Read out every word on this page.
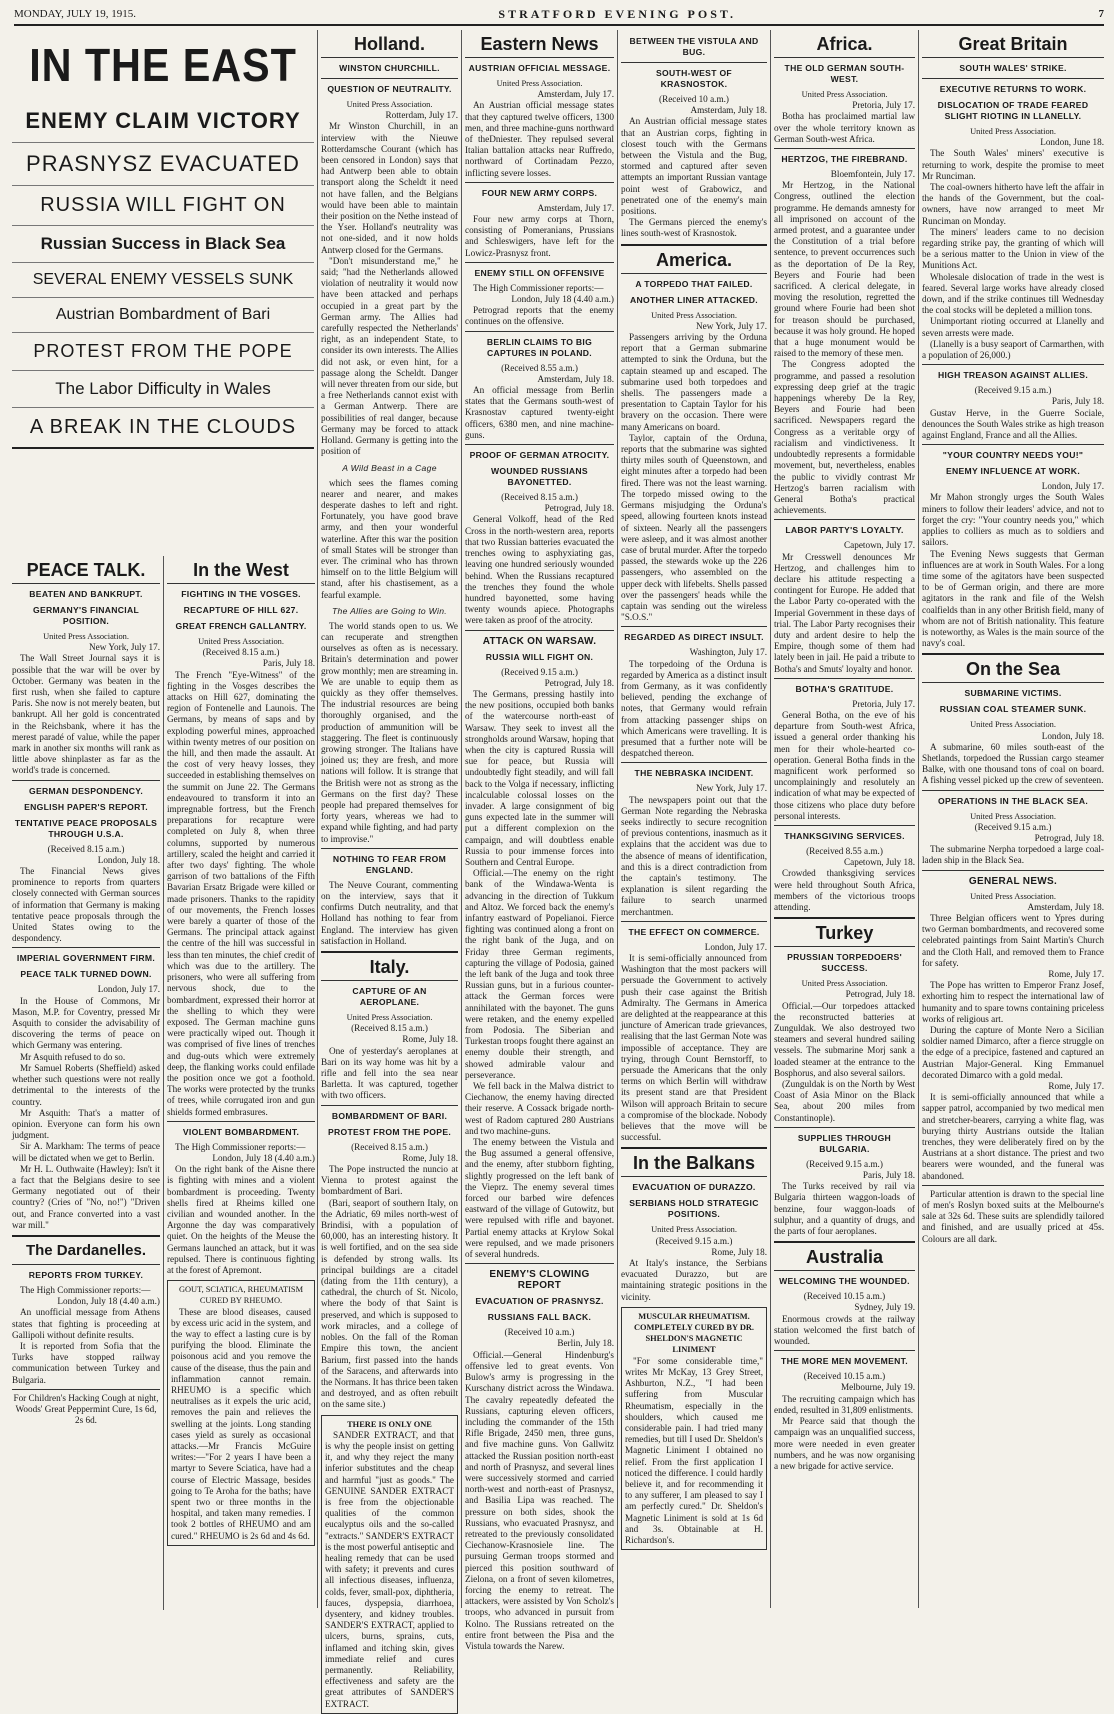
MONDAY, JULY 19, 1915.	STRATFORD EVENING POST.	7
IN THE EAST
ENEMY CLAIM VICTORY
PRASNYSZ EVACUATED
RUSSIA WILL FIGHT ON
Russian Success in Black Sea
SEVERAL ENEMY VESSELS SUNK
Austrian Bombardment of Bari
PROTEST FROM THE POPE
The Labor Difficulty in Wales
A BREAK IN THE CLOUDS
PEACE TALK.
BEATEN AND BANKRUPT.
GERMANY'S FINANCIAL POSITION.

United Press Association.

New York, July 17.

The Wall Street Journal says it is possible that the war will be over by October. Germany was beaten in the first rush, when she failed to capture Paris. She now is not merely beaten, but bankrupt. All her gold is concentrated in the Reichsbank, where it has the merest paradé of value, while the paper mark in another six months will rank as little above shinplaster as far as the world's trade is concerned.

GERMAN DESPONDENCY.
ENGLISH PAPER'S REPORT.
TENTATIVE PEACE PROPOSALS THROUGH U.S.A.

(Received 8.15 a.m.)

London, July 18.

The Financial News gives prominence to reports from quarters closely connected with German sources of information that Germany is making tentative peace proposals through the United States owing to the despondency.

IMPERIAL GOVERNMENT FIRM.
PEACE TALK TURNED DOWN.

London, July 17.

In the House of Commons, Mr Mason, M.P. for Coventry, pressed Mr Asquith to consider the advisability of discovering the terms of peace on which Germany was entering.

Mr Asquith refused to do so.

Mr Samuel Roberts (Sheffield) asked whether such questions were not really detrimental to the interests of the country.

Mr Asquith: That's a matter of opinion. Everyone can form his own judgment.

Sir A. Markham: The terms of peace will be dictated when we get to Berlin.

Mr H. L. Outhwaite (Hawley): Isn't it a fact that the Belgians desire to see Germany negotiated out of their country? (Cries of "No, no!") "Driven out, and France converted into a vast war mill."

The Dardanelles.
REPORTS FROM TURKEY.

The High Commissioner reports:—

London, July 18 (4.40 a.m.)

An unofficial message from Athens states that fighting is proceeding at Gallipoli without definite results.

It is reported from Sofia that the Turks have stopped railway communication between Turkey and Bulgaria.

For Children's Hacking Cough at night, Woods' Great Peppermint Cure, 1s 6d, 2s 6d.

In the West
FIGHTING IN THE VOSGES.
RECAPTURE OF HILL 627.
GREAT FRENCH GALLANTRY.

United Press Association.

(Received 8.15 a.m.)

Paris, July 18.

The French "Eye-Witness" of the fighting in the Vosges describes the attacks on Hill 627, dominating the region of Fontenelle and Launois. The Germans, by means of saps and by exploding powerful mines, approached within twenty metres of our position on the hill, and then made the assault. At the cost of very heavy losses, they succeeded in establishing themselves on the summit on June 22. The Germans endeavoured to transform it into an impregnable fortress, but the French preparations for recapture were completed on July 8, when three columns, supported by numerous artillery, scaled the height and carried it after two days' fighting. The whole garrison of two battalions of the Fifth Bavarian Ersatz Brigade were killed or made prisoners. Thanks to the rapidity of our movements, the French losses were barely a quarter of those of the Germans. The principal attack against the centre of the hill was successful in less than ten minutes, the chief credit of which was due to the artillery. The prisoners, who were all suffering from nervous shock, due to the bombardment, expressed their horror at the shelling to which they were exposed. The German machine guns were practically wiped out. Though it was comprised of five lines of trenches and dug-outs which were extremely deep, the flanking works could enfilade the position once we got a foothold. The works were protected by the trunks of trees, while corrugated iron and gun shields formed embrasures.

VIOLENT BOMBARDMENT.

The High Commissioner reports:—

London, July 18 (4.40 a.m.)

On the right bank of the Aisne there is fighting with mines and a violent bombardment is proceeding. Twenty shells fired at Rheims killed one civilian and wounded another. In the Argonne the day was comparatively quiet. On the heights of the Meuse the Germans launched an attack, but it was repulsed. There is continuous fighting at the forest of Apremont.

GOUT, SCIATICA, RHEUMATISM CURED BY RHEUMO.

These are blood diseases, caused by excess uric acid in the system, and the way to effect a lasting cure is by purifying the blood. Eliminate the poisonous acid and you remove the cause of the disease, thus the pain and inflammation cannot remain. RHEUMO is a specific which neutralises as it expels the uric acid, removes the pain and relieves the swelling at the joints. Long standing cases yield as surely as occasional attacks.—Mr Francis McGuire writes:—"For 2 years I have been a martyr to Severe Sciatica, have had a course of Electric Massage, besides going to Te Aroha for the baths; have spent two or three months in the hospital, and taken many remedies. I took 2 bottles of RHEUMO and am cured." RHEUMO is 2s 6d and 4s 6d.

Holland.
WINSTON CHURCHILL.
QUESTION OF NEUTRALITY.

United Press Association.

Rotterdam, July 17.

Mr Winston Churchill, in an interview with the Nieuwe Rotterdamsche Courant (which has been censored in London) says that had Antwerp been able to obtain transport along the Scheldt it need not have fallen, and the Belgians would have been able to maintain their position on the Nethe instead of the Yser. Holland's neutrality was not one-sided, and it now holds Antwerp closed for the Germans.

"Don't misunderstand me," he said; "had the Netherlands allowed violation of neutrality it would now have been attacked and perhaps occupied in a great part by the German army. The Allies had carefully respected the Netherlands' right, as an independent State, to consider its own interests. The Allies did not ask, or even hint, for a passage along the Scheldt. Danger will never threaten from our side, but a free Netherlands cannot exist with a German Antwerp. There are possibilities of real danger, because Germany may be forced to attack Holland. Germany is getting into the position of

A Wild Beast in a Cage

which sees the flames coming nearer and nearer, and makes desperate dashes to left and right. Fortunately, you have good brave army, and then your wonderful waterline. After this war the position of small States will be stronger than ever. The criminal who has thrown himself on to the little Belgium will stand, after his chastisement, as a fearful example.

The Allies are Going to Win.

The world stands open to us. We can recuperate and strengthen ourselves as often as is necessary. Britain's determination and power grow monthly; men are streaming in. We are unable to equip them as quickly as they offer themselves. The industrial resources are being thoroughly organised, and the production of ammunition will be staggering. The fleet is continuously growing stronger. The Italians have joined us; they are fresh, and more nations will follow. It is strange that the British were not as strong as the Germans on the first day? These people had prepared themselves for forty years, whereas we had to expand while fighting, and had party to improvise."

NOTHING TO FEAR FROM ENGLAND.

The Neuve Courant, commenting on the interview, says that it confirms Dutch neutrality, and that Holland has nothing to fear from England. The interview has given satisfaction in Holland.

Italy.
CAPTURE OF AN AEROPLANE.

United Press Association.

(Received 8.15 a.m.)

Rome, July 18.

One of yesterday's aeroplanes at Bari on its way home was hit by a rifle and fell into the sea near Barletta. It was captured, together with two officers.

BOMBARDMENT OF BARI.
PROTEST FROM THE POPE.

(Received 8.15 a.m.)

Rome, July 18.

The Pope instructed the nuncio at Vienna to protest against the bombardment of Bari.

(Bari, seaport of southern Italy, on the Adriatic, 69 miles north-west of Brindisi, with a population of 60,000, has an interesting history. It is well fortified, and on the sea side is defended by strong walls. Its principal buildings are a citadel (dating from the 11th century), a cathedral, the church of St. Nicolo, where the body of that Saint is preserved, and which is supposed to work miracles, and a college of nobles. On the fall of the Roman Empire this town, the ancient Barium, first passed into the hands of the Saracens, and afterwards into the Normans. It has thrice been taken and destroyed, and as often rebuilt on the same site.)

THERE IS ONLY ONE

SANDER EXTRACT, and that is why the people insist on getting it, and why they reject the many inferior substitutes and the cheap and harmful "just as goods." The GENUINE SANDER EXTRACT is free from the objectionable qualities of the common eucalyptus oils and the so-called "extracts." SANDER'S EXTRACT is the most powerful antiseptic and healing remedy that can be used with safety; it prevents and cures all infectious diseases, influenza, colds, fever, small-pox, diphtheria, fauces, dyspepsia, diarrhoea, dysentery, and kidney troubles. SANDER'S EXTRACT, applied to ulcers, burns, sprains, cuts, inflamed and itching skin, gives immediate relief and cures permanently. Reliability, effectiveness and safety are the great attributes of SANDER'S EXTRACT.

Eastern News
AUSTRIAN OFFICIAL MESSAGE.

United Press Association.

Amsterdam, July 17.

An Austrian official message states that they captured twelve officers, 1300 men, and three machine-guns northward of theDniester. They repulsed several Italian battalion attacks near Ruffredo, northward of Cortinadam Pezzo, inflicting severe losses.

FOUR NEW ARMY CORPS.

Amsterdam, July 17.

Four new army corps at Thorn, consisting of Pomeranians, Prussians and Schleswigers, have left for the Lowicz-Prasnysz front.

ENEMY STILL ON OFFENSIVE

The High Commissioner reports:—

London, July 18 (4.40 a.m.)

Petrograd reports that the enemy continues on the offensive.

BERLIN CLAIMS TO BIG CAPTURES IN POLAND.

(Received 8.55 a.m.)

Amsterdam, July 18.

An official message from Berlin states that the Germans south-west of Krasnostav captured twenty-eight officers, 6380 men, and nine machine-guns.

PROOF OF GERMAN ATROCITY.
WOUNDED RUSSIANS BAYONETTED.

(Received 8.15 a.m.)

Petrograd, July 18.

General Volkoff, head of the Red Cross in the north-western area, reports that two Russian batteries evacuated the trenches owing to asphyxiating gas, leaving one hundred seriously wounded behind. When the Russians recaptured the trenches they found the whole hundred bayonetted, some having twenty wounds apiece. Photographs were taken as proof of the atrocity.

ATTACK ON WARSAW.
RUSSIA WILL FIGHT ON.

(Received 9.15 a.m.)

Petrograd, July 18.

The Germans, pressing hastily into the new positions, occupied both banks of the watercourse north-east of Warsaw. They seek to invest all the strongholds around Warsaw, hoping that when the city is captured Russia will sue for peace, but Russia will undoubtedly fight steadily, and will fall back to the Volga if necessary, inflicting incalculable colossal losses on the invader. A large consignment of big guns expected late in the summer will put a different complexion on the campaign, and will doubtless enable Russia to pour immense forces into Southern and Central Europe.

Official.—The enemy on the right bank of the Windawa-Wenta is advancing in the direction of Tukkum and Altoz. We forced back the enemy's infantry eastward of Popelianoi. Fierce fighting was continued along a front on the right bank of the Juga, and on Friday three German regiments, capturing the village of Podosia, gained the left bank of the Juga and took three Russian guns, but in a furious counter-attack the German forces were annihilated with the bayonet. The guns were retaken, and the enemy expelled from Podosia. The Siberian and Turkestan troops fought there against an enemy double their strength, and showed admirable valour and perseverance.

We fell back in the Malwa district to Ciechanow, the enemy having directed their reserve. A Cossack brigade north-west of Radom captured 280 Austrians and two machine-guns.

The enemy between the Vistula and the Bug assumed a general offensive, and the enemy, after stubborn fighting, slightly progressed on the left bank of the Vieprz. The enemy several times forced our barbed wire defences eastward of the village of Gutowitz, but were repulsed with rifle and bayonet. Partial enemy attacks at Krylow Sokal were repulsed, and we made prisoners of several hundreds.

ENEMY'S CLOWING REPORT
EVACUATION OF PRASNYSZ.
RUSSIANS FALL BACK.

(Received 10 a.m.)

Berlin, July 18.

Official.—General Hindenburg's offensive led to great events. Von Bulow's army is progressing in the Kurschany district across the Windawa. The cavalry repeatedly defeated the Russians, capturing eleven officers, including the commander of the 15th Rifle Brigade, 2450 men, three guns, and five machine guns. Von Gallwitz attacked the Russian position north-east and north of Prasnysz, and several lines were successively stormed and carried north-west and north-east of Prasnysz, and Basilia Lipa was reached. The pressure on both sides, shook the Russians, who evacuated Prasnysz, and retreated to the previously consolidated Ciechanow-Krasnosiele line. The pursuing German troops stormed and pierced this position southward of Zielona, on a front of seven kilometres, forcing the enemy to retreat. The attackers, were assisted by Von Scholz's troops, who advanced in pursuit from Kolno. The Russians retreated on the entire front between the Pisa and the Vistula towards the Narew.

BETWEEN THE VISTULA AND BUG.
SOUTH-WEST OF KRASNOSTOK.

(Received 10 a.m.)

Amsterdam, July 18.

An Austrian official message states that an Austrian corps, fighting in closest touch with the Germans between the Vistula and the Bug, stormed and captured after seven attempts an important Russian vantage point west of Grabowicz, and penetrated one of the enemy's main positions.

The Germans pierced the enemy's lines south-west of Krasnostok.

America.
A TORPEDO THAT FAILED.
ANOTHER LINER ATTACKED.

United Press Association.

New York, July 17.

Passengers arriving by the Orduna report that a German submarine attempted to sink the Orduna, but the captain steamed up and escaped. The submarine used both torpedoes and shells. The passengers made a presentation to Captain Taylor for his bravery on the occasion. There were many Americans on board.

Taylor, captain of the Orduna, reports that the submarine was sighted thirty miles south of Queenstown, and eight minutes after a torpedo had been fired. There was not the least warning. The torpedo missed owing to the Germans misjudging the Orduna's speed, allowing fourteen knots instead of sixteen. Nearly all the passengers were asleep, and it was almost another case of brutal murder. After the torpedo passed, the stewards woke up the 226 passengers, who assembled on the upper deck with lifebelts. Shells passed over the passengers' heads while the captain was sending out the wireless "S.O.S."

REGARDED AS DIRECT INSULT.

Washington, July 17.

The torpedoing of the Orduna is regarded by America as a distinct insult from Germany, as it was confidently believed, pending the exchange of notes, that Germany would refrain from attacking passenger ships on which Americans were travelling. It is presumed that a further note will be despatched thereon.

THE NEBRASKA INCIDENT.

New York, July 17.

The newspapers point out that the German Note regarding the Nebraska seeks indirectly to secure recognition of previous contentions, inasmuch as it explains that the accident was due to the absence of means of identification, and this is a direct contradiction from the captain's testimony. The explanation is silent regarding the failure to search unarmed merchantmen.

THE EFFECT ON COMMERCE.

London, July 17.

It is semi-officially announced from Washington that the most packers will persuade the Government to actively push their case against the British Admiralty. The Germans in America are delighted at the reappearance at this juncture of American trade grievances, realising that the last German Note was impossible of acceptance. They are trying, through Count Bernstorff, to persuade the Americans that the only terms on which Berlin will withdraw its present stand are that President Wilson will approach Britain to secure a compromise of the blockade. Nobody believes that the move will be successful.

In the Balkans
EVACUATION OF DURAZZO.
SERBIANS HOLD STRATEGIC POSITIONS.

United Press Association.

(Received 9.15 a.m.)

Rome, July 18.

At Italy's instance, the Serbians evacuated Durazzo, but are maintaining strategic positions in the vicinity.

MUSCULAR RHEUMATISM. COMPLETELY CURED BY DR. SHELDON'S MAGNETIC LINIMENT

"For some considerable time," writes Mr McKay, 13 Grey Street, Ashburton, N.Z., "I had been suffering from Muscular Rheumatism, especially in the shoulders, which caused me considerable pain. I had tried many remedies, but till I used Dr. Sheldon's Magnetic Liniment I obtained no relief. From the first application I noticed the difference. I could hardly believe it, and for recommending it to any sufferer, I am pleased to say I am perfectly cured." Dr. Sheldon's Magnetic Liniment is sold at 1s 6d and 3s. Obtainable at H. Richardson's.

Africa.
THE OLD GERMAN SOUTH-WEST.

United Press Association.

Pretoria, July 17.

Botha has proclaimed martial law over the whole territory known as German South-west Africa.

HERTZOG, THE FIREBRAND.

Bloemfontein, July 17.

Mr Hertzog, in the National Congress, outlined the election programme. He demands amnesty for all imprisoned on account of the armed protest, and a guarantee under the Constitution of a trial before sentence, to prevent occurrences such as the deportation of De la Rey, Beyers and Fourie had been sacrificed. A clerical delegate, in moving the resolution, regretted the ground where Fourie had been shot for treason should be purchased, because it was holy ground. He hoped that a huge monument would be raised to the memory of these men.

The Congress adopted the programme, and passed a resolution expressing deep grief at the tragic happenings whereby De la Rey, Beyers and Fourie had been sacrificed. Newspapers regard the Congress as a veritable orgy of racialism and vindictiveness. It undoubtedly represents a formidable movement, but, nevertheless, enables the public to vividly contrast Mr Hertzog's barren racialism with General Botha's practical achievements.

LABOR PARTY'S LOYALTY.

Capetown, July 17.

Mr Cresswell denounces Mr Hertzog, and challenges him to declare his attitude respecting a contingent for Europe. He added that the Labor Party co-operated with the Imperial Government in these days of trial. The Labor Party recognises their duty and ardent desire to help the Empire, though some of them had lately been in jail. He paid a tribute to Botha's and Smuts' loyalty and honor.

BOTHA'S GRATITUDE.

Pretoria, July 17.

General Botha, on the eve of his departure from South-west Africa, issued a general order thanking his men for their whole-hearted co-operation. General Botha finds in the magnificent work performed so uncomplainingly and resolutely an indication of what may be expected of those citizens who place duty before personal interests.

THANKSGIVING SERVICES.

(Received 8.55 a.m.)

Capetown, July 18.

Crowded thanksgiving services were held throughout South Africa, members of the victorious troops attending.

Turkey
PRUSSIAN TORPEDOERS' SUCCESS.

United Press Association.

Petrograd, July 18.

Official.—Our torpedoes attacked the reconstructed batteries at Zunguldak. We also destroyed two steamers and several hundred sailing vessels. The submarine Morj sank a loaded steamer at the entrance to the Bosphorus, and also several sailors.

(Zunguldak is on the North by West Coast of Asia Minor on the Black Sea, about 200 miles from Constantinople).

SUPPLIES THROUGH BULGARIA.

(Received 9.15 a.m.)

Paris, July 18.

The Turks received by rail via Bulgaria thirteen waggon-loads of benzine, four waggon-loads of sulphur, and a quantity of drugs, and the parts of four aeroplanes.

Australia
WELCOMING THE WOUNDED.

(Received 10.15 a.m.)

Sydney, July 19.

Enormous crowds at the railway station welcomed the first batch of wounded.

THE MORE MEN MOVEMENT.

(Received 10.15 a.m.)

Melbourne, July 19.

The recruiting campaign which has ended, resulted in 31,809 enlistments.

Mr Pearce said that though the campaign was an unqualified success, more were needed in even greater numbers, and he was now organising a new brigade for active service.

Great Britain
SOUTH WALES' STRIKE.
EXECUTIVE RETURNS TO WORK.
DISLOCATION OF TRADE FEARED SLIGHT RIOTING IN LLANELLY.

United Press Association.

London, June 18.

The South Wales' miners' executive is returning to work, despite the promise to meet Mr Runciman.

The coal-owners hitherto have left the affair in the hands of the Government, but the coal-owners, have now arranged to meet Mr Runciman on Monday.

The miners' leaders came to no decision regarding strike pay, the granting of which will be a serious matter to the Union in view of the Munitions Act.

Wholesale dislocation of trade in the west is feared. Several large works have already closed down, and if the strike continues till Wednesday the coal stocks will be depleted a million tons.

Unimportant rioting occurred at Llanelly and seven arrests were made.

(Llanelly is a busy seaport of Carmarthen, with a population of 26,000.)

HIGH TREASON AGAINST ALLIES.

(Received 9.15 a.m.)

Paris, July 18.

Gustav Herve, in the Guerre Sociale, denounces the South Wales strike as high treason against England, France and all the Allies.

"YOUR COUNTRY NEEDS YOU!"
ENEMY INFLUENCE AT WORK.

London, July 17.

Mr Mahon strongly urges the South Wales miners to follow their leaders' advice, and not to forget the cry: "Your country needs you," which applies to colliers as much as to soldiers and sailors.

The Evening News suggests that German influences are at work in South Wales. For a long time some of the agitators have been suspected to be of German origin, and there are more agitators in the rank and file of the Welsh coalfields than in any other British field, many of whom are not of British nationality. This feature is noteworthy, as Wales is the main source of the navy's coal.

On the Sea
SUBMARINE VICTIMS.
RUSSIAN COAL STEAMER SUNK.

United Press Association.

London, July 18.

A submarine, 60 miles south-east of the Shetlands, torpedoed the Russian cargo steamer Balke, with one thousand tons of coal on board. A fishing vessel picked up the crew of seventeen.

OPERATIONS IN THE BLACK SEA.

United Press Association.

(Received 9.15 a.m.)

Petrograd, July 18.

The submarine Nerpha torpedoed a large coal-laden ship in the Black Sea.

GENERAL NEWS.

United Press Association.

Amsterdam, July 18.

Three Belgian officers went to Ypres during two German bombardments, and recovered some celebrated paintings from Saint Martin's Church and the Cloth Hall, and removed them to France for safety.

Rome, July 17.

The Pope has written to Emperor Franz Josef, exhorting him to respect the international law of humanity and to spare towns containing priceless works of religious art.

During the capture of Monte Nero a Sicilian soldier named Dimarco, after a fierce struggle on the edge of a precipice, fastened and captured an Austrian Major-General. King Emmanuel decorated Dimarco with a gold medal.

Rome, July 17.

It is semi-officially announced that while a sapper patrol, accompanied by two medical men and stretcher-bearers, carrying a white flag, was burying thirty Austrians outside the Italian trenches, they were deliberately fired on by the Austrians at a short distance. The priest and two bearers were wounded, and the funeral was abandoned.

Particular attention is drawn to the special line of men's Roslyn boxed suits at the Melbourne's sale at 32s 6d. These suits are splendidly tailored and finished, and are usually priced at 45s. Colours are all dark.
